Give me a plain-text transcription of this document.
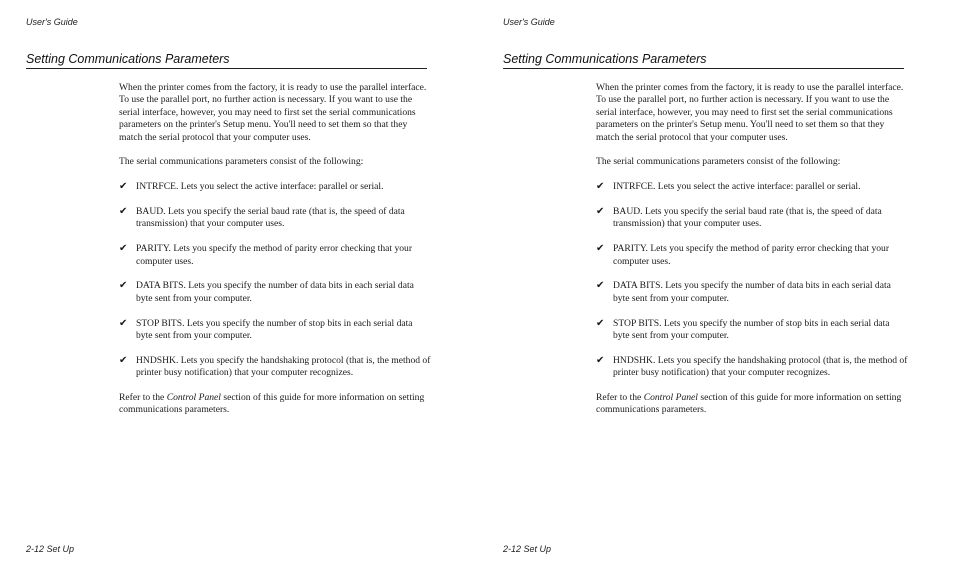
User's Guide
Setting Communications Parameters

When the printer comes from the factory, it is ready to use the parallel interface. To use the parallel port, no further action is necessary. If you want to use the serial interface, however, you may need to first set the serial communications parameters on the printer's Setup menu. You'll need to set them so that they match the serial protocol that your computer uses.

The serial communications parameters consist of the following:

✔ INTRFCE. Lets you select the active interface: parallel or serial.
✔ BAUD. Lets you specify the serial baud rate (that is, the speed of data transmission) that your computer uses.
✔ PARITY. Lets you specify the method of parity error checking that your computer uses.
✔ DATA BITS. Lets you specify the number of data bits in each serial data byte sent from your computer.
✔ STOP BITS. Lets you specify the number of stop bits in each serial data byte sent from your computer.
✔ HNDSHK. Lets you specify the handshaking protocol (that is, the method of printer busy notification) that your computer recognizes.

Refer to the Control Panel section of this guide for more information on setting communications parameters.

2-12 Set Up
User's Guide
Setting Communications Parameters

When the printer comes from the factory, it is ready to use the parallel interface. To use the parallel port, no further action is necessary. If you want to use the serial interface, however, you may need to first set the serial communications parameters on the printer's Setup menu. You'll need to set them so that they match the serial protocol that your computer uses.

The serial communications parameters consist of the following:

✔ INTRFCE. Lets you select the active interface: parallel or serial.
✔ BAUD. Lets you specify the serial baud rate (that is, the speed of data transmission) that your computer uses.
✔ PARITY. Lets you specify the method of parity error checking that your computer uses.
✔ DATA BITS. Lets you specify the number of data bits in each serial data byte sent from your computer.
✔ STOP BITS. Lets you specify the number of stop bits in each serial data byte sent from your computer.
✔ HNDSHK. Lets you specify the handshaking protocol (that is, the method of printer busy notification) that your computer recognizes.

Refer to the Control Panel section of this guide for more information on setting communications parameters.

2-12 Set Up
